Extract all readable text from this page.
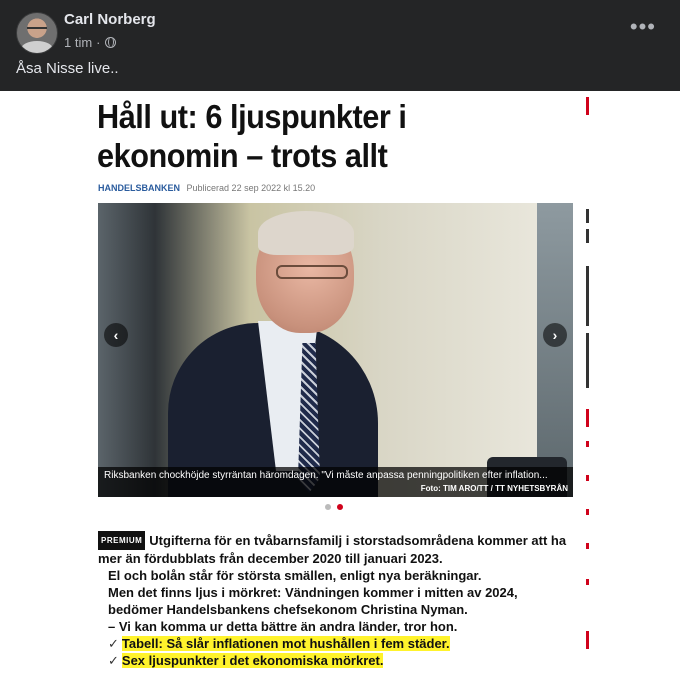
Carl Norberg
1 tim ·
•••
Åsa Nisse live..
Håll ut: 6 ljuspunkter i ekonomin – trots allt
HANDELSBANKEN Publicerad 22 sep 2022 kl 15.20
‹	›
Riksbanken chockhöjde styrräntan häromdagen. "Vi måste anpassa penningpolitiken efter inflation...
Foto: TIM ARO/TT / TT NYHETSBYRÅN

PREMIUM Utgifterna för en tvåbarnsfamilj i storstadsområdena kommer att ha mer än fördubblats från december 2020 till januari 2023.

El och bolån står för största smällen, enligt nya beräkningar.

Men det finns ljus i mörkret: Vändningen kommer i mitten av 2024, bedömer Handelsbankens chefsekonom Christina Nyman.

– Vi kan komma ur detta bättre än andra länder, tror hon.

✓ Tabell: Så slår inflationen mot hushållen i fem städer.

✓ Sex ljuspunkter i det ekonomiska mörkret.
